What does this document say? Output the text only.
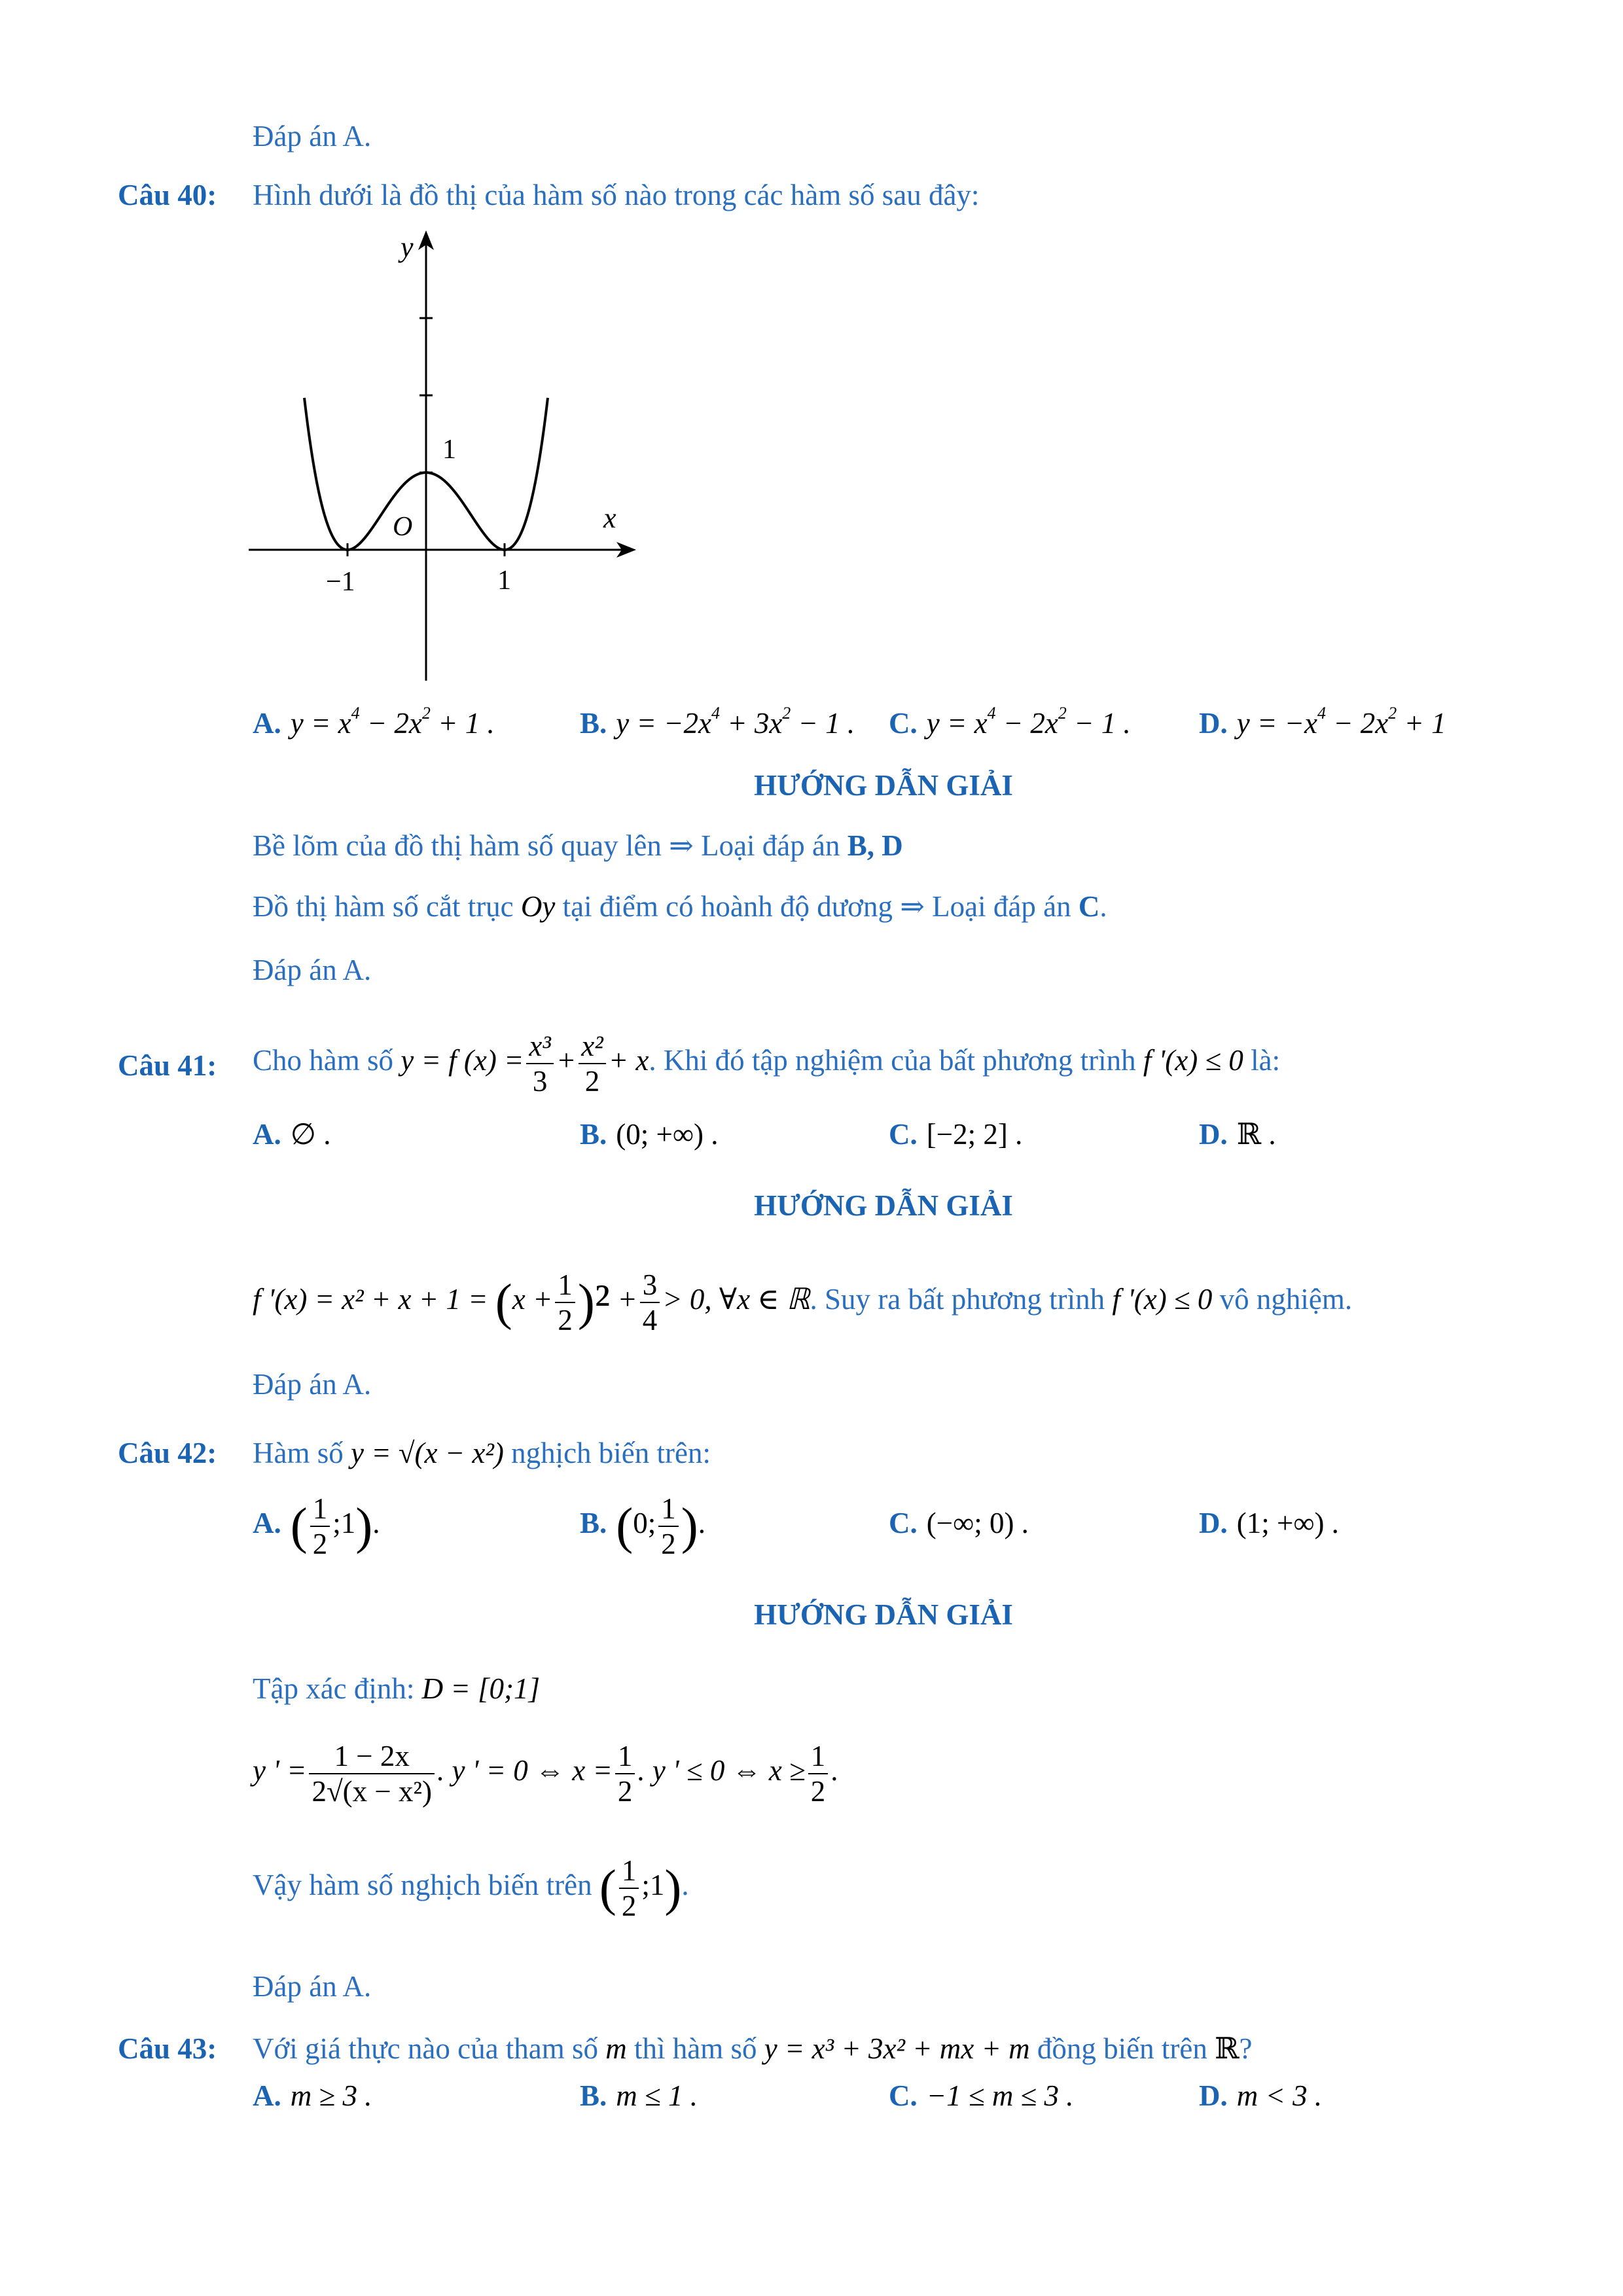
Đáp án A.
Câu 40: Hình dưới là đồ thị của hàm số nào trong các hàm số sau đây:
y
x
O
1
−1	1
A. $y = x^4 - 2x^2 + 1$ .	B. $y = -2x^4 + 3x^2 - 1$ . C. $y = x^4 - 2x^2 - 1$ . D. $y = -x^4 - 2x^2 + 1$
HƯỚNG DẪN GIẢI
Bề lõm của đồ thị hàm số quay lên ⇒ Loại đáp án B, D
Đồ thị hàm số cắt trục Oy tại điểm có hoành độ dương ⇒ Loại đáp án C.
Đáp án A.
Câu 41: Cho hàm số y = f $(x) = \frac{\text{x³}}{3} + \frac{\text{x²}}{2} + x$. Khi đó tập nghiệm của bất phương trình f '(x) ≤ 0 là:
A. ∅ .	B. (0; +∞) .	C. [−2; 2] .	D. ℝ .
HƯỚNG DẪN GIẢI
f '$(x) = x^2 + x + 1 = (x + \frac{1}{2} )^2 + \frac{3}{4} > 0$, ∀x ∈ ℝ. Suy ra bất phương trình f '(x) ≤ 0 vô nghiệm.
Đáp án A.
Câu 42: Hàm số y = √(x − x²) nghịch biến trên:
A. ( $\frac{1}{2}$ ;1).	B. (0; $\frac{1}{2}$ ).	C. (−∞; 0) .	D. (1; +∞) .
HƯỚNG DẪN GIẢI
Tập xác định: D = [0;1]
y ' = $\frac{1 - 2x}{\text{2√(x − x²)}}$ . y ' = 0 ⇔ $x = \frac{1}{2}$ . y ' ≤ 0 ⇔ $x \ge \frac{1}{2}$ .
Vậy hàm số nghịch biến trên ( $\frac{1}{2}$ ;1).
Đáp án A.
Câu 43: Với giá thực nào của tham số m thì hàm số y = x³ + 3x² + mx + m đồng biến trên ℝ?
A. m ≥ 3 .	B. m ≤ 1 .	C. −1 ≤ m ≤ 3 .	D. m < 3 .
